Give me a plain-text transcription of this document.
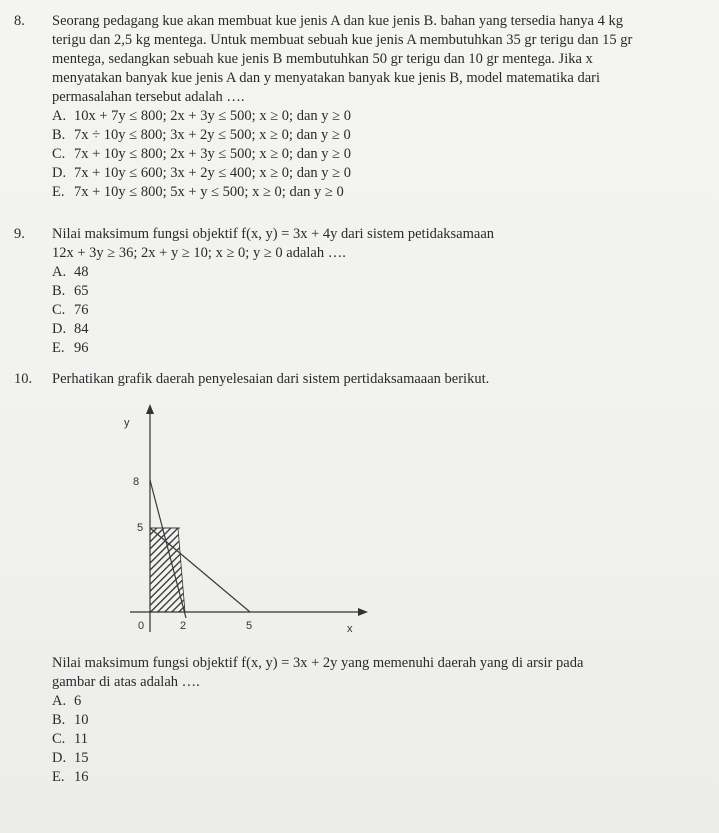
8.	Seorang pedagang kue akan membuat kue jenis A dan kue jenis B. bahan yang tersedia hanya 4 kg
terigu dan 2,5 kg mentega. Untuk membuat sebuah kue jenis A membutuhkan 35 gr terigu dan 15 gr
mentega, sedangkan sebuah kue jenis B membutuhkan 50 gr terigu dan 10 gr mentega. Jika x
menyatakan banyak kue jenis A dan y menyatakan banyak kue jenis B, model matematika dari
permasalahan tersebut adalah ….
A. 10x + 7y ≤ 800; 2x + 3y ≤ 500; x ≥ 0; dan y ≥ 0
B. 7x ÷ 10y ≤ 800; 3x + 2y ≤ 500; x ≥ 0; dan y ≥ 0
C. 7x + 10y ≤ 800; 2x + 3y ≤ 500; x ≥ 0; dan y ≥ 0
D. 7x + 10y ≤ 600; 3x + 2y ≤ 400; x ≥ 0; dan y ≥ 0
E. 7x + 10y ≤ 800; 5x + y ≤ 500; x ≥ 0; dan y ≥ 0
9.	Nilai maksimum fungsi objektif f(x, y) = 3x + 4y dari sistem petidaksamaan
12x + 3y ≥ 36; 2x + y ≥ 10; x ≥ 0; y ≥ 0 adalah ….
A. 48
B. 65
C. 76
D. 84
E. 96
10.	Perhatikan grafik daerah penyelesaian dari sistem pertidaksamaaan berikut.
y
x
0
8
5
2	5
Nilai maksimum fungsi objektif f(x, y) = 3x + 2y yang memenuhi daerah yang di arsir pada
gambar di atas adalah ….
A. 6
B. 10
C. 11
D. 15
E. 16
